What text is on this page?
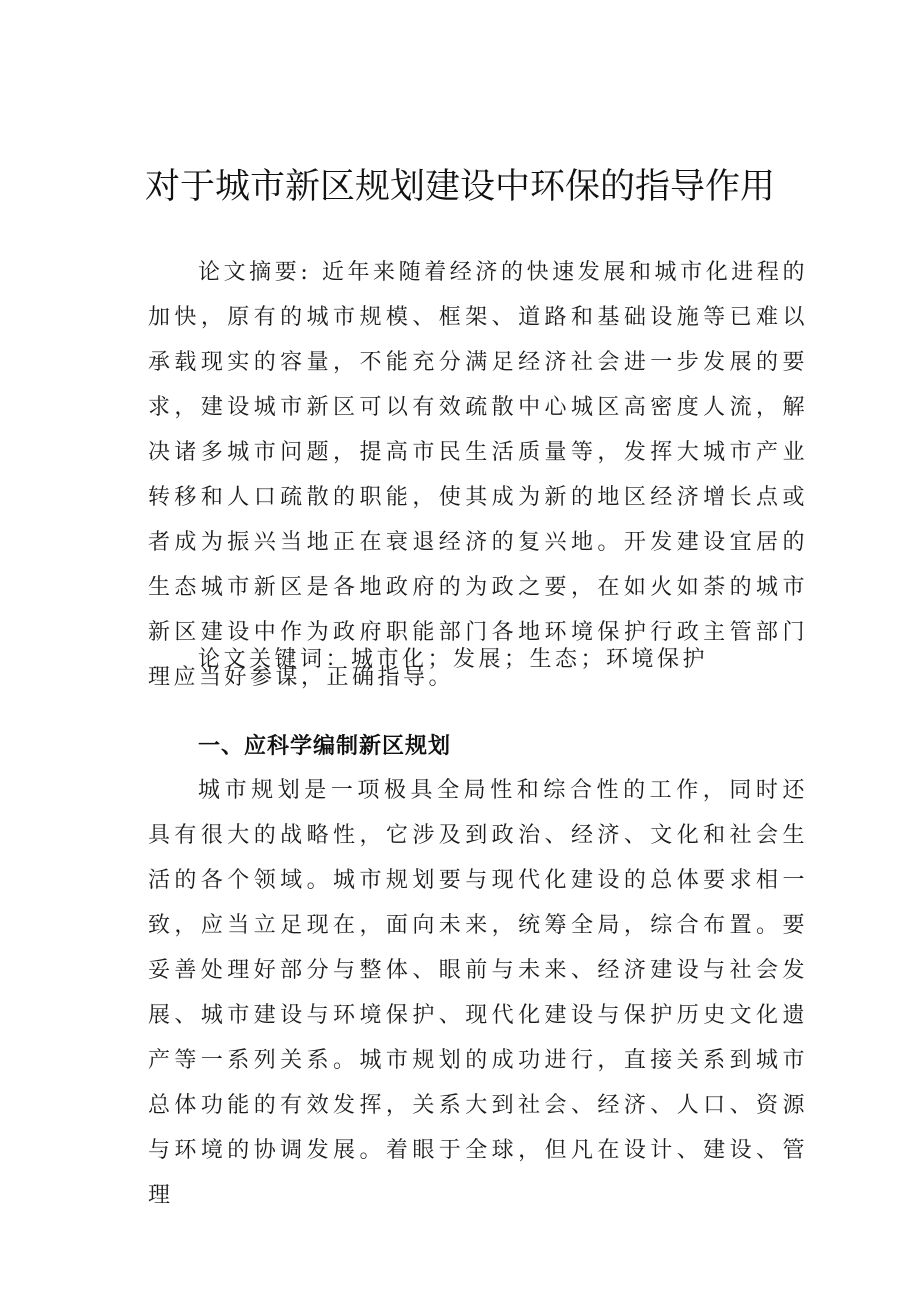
对于城市新区规划建设中环保的指导作用

论文摘要: 近年来随着经济的快速发展和城市化进程的加快，原有的城市规模、框架、道路和基础设施等已难以承载现实的容量，不能充分满足经济社会进一步发展的要求，建设城市新区可以有效疏散中心城区高密度人流，解决诸多城市问题，提高市民生活质量等，发挥大城市产业转移和人口疏散的职能，使其成为新的地区经济增长点或者成为振兴当地正在衰退经济的复兴地。开发建设宜居的生态城市新区是各地政府的为政之要，在如火如荼的城市新区建设中作为政府职能部门各地环境保护行政主管部门理应当好参谋，正确指导。

论文关键词：城市化；发展；生态；环境保护

一、应科学编制新区规划

城市规划是一项极具全局性和综合性的工作，同时还具有很大的战略性，它涉及到政治、经济、文化和社会生活的各个领域。城市规划要与现代化建设的总体要求相一致，应当立足现在，面向未来，统筹全局，综合布置。要妥善处理好部分与整体、眼前与未来、经济建设与社会发展、城市建设与环境保护、现代化建设与保护历史文化遗产等一系列关系。城市规划的成功进行，直接关系到城市总体功能的有效发挥，关系大到社会、经济、人口、资源与环境的协调发展。着眼于全球，但凡在设计、建设、管理
